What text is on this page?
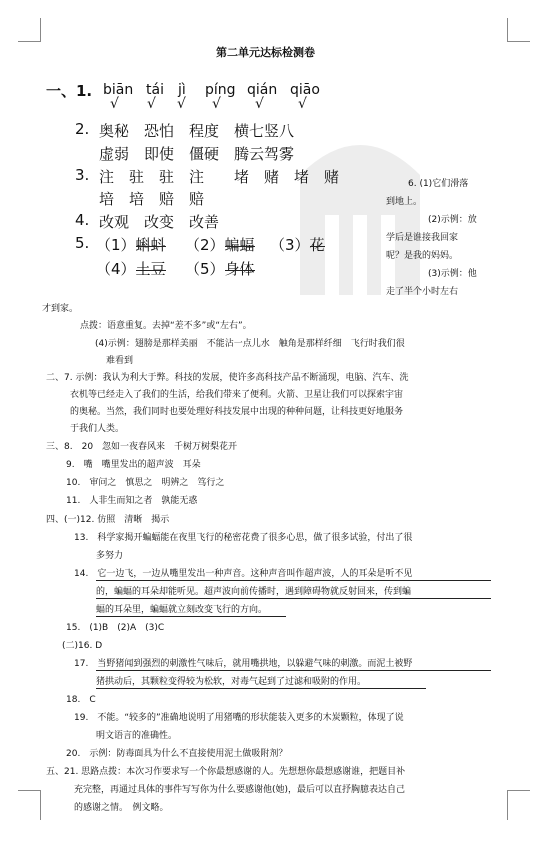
第二单元达标检测卷
一、1. biān tái jì píng qián qiāo
√ √ √ √ √ √
2. 奥秘　恐怕　程度　横七竖八
虚弱　即使　僵硬　腾云驾雾
3. 注　驻　驻　注　　堵　赌　堵　赌
培　培　赔　赔
4. 改观　改变　改善
5. （1）蝌蚪 （2）蝙蝠 （3）花
（4）土豆 （5）身体
6. (1)它们滑落
到地上。
(2)示例：放
学后是谁接我回家
呢？是我的妈妈。
(3)示例：他
走了半个小时左右
才到家。
点拨：语意重复。去掉“差不多”或“左右”。
(4)示例：翅膀是那样美丽　不能沾一点儿水　触角是那样纤细　飞行时我们很
难看到
二、7. 示例：我认为利大于弊。科技的发展，使许多高科技产品不断涌现，电脑、汽车、洗
衣机等已经走入了我们的生活，给我们带来了便利。火箭、卫星让我们可以探索宇宙
的奥秘。当然，我们同时也要处理好科技发展中出现的种种问题，让科技更好地服务
于我们人类。
三、8.　20　忽如一夜春风来　千树万树梨花开
9.　嘴　嘴里发出的超声波　耳朵
10.　审问之　慎思之　明辨之　笃行之
11.　人非生而知之者　孰能无惑
四、(一)12. 仿照　清晰　揭示
13.　科学家揭开蝙蝠能在夜里飞行的秘密花费了很多心思，做了很多试验，付出了很
多努力
14.　它一边飞，一边从嘴里发出一种声音。这种声音叫作超声波，人的耳朵是听不见
的，蝙蝠的耳朵却能听见。超声波向前传播时，遇到障碍物就反射回来，传到蝙
蝠的耳朵里，蝙蝠就立刻改变飞行的方向。
15.　(1)B　(2)A　(3)C
(二)16. D
17.　当野猪闻到强烈的刺激性气味后，就用嘴拱地，以躲避气味的刺激。而泥土被野
猪拱动后，其颗粒变得较为松软，对毒气起到了过滤和吸附的作用。
18.　C
19.　不能。“较多的”准确地说明了用猪嘴的形状能装入更多的木炭颗粒，体现了说
明文语言的准确性。
20.　示例：防毒面具为什么不直接使用泥土做吸附剂？
五、21. 思路点拨：本次习作要求写一个你最想感谢的人。先想想你最想感谢谁，把题目补
充完整，再通过具体的事件写写你为什么要感谢他(她)，最后可以直抒胸臆表达自己
的感谢之情。　例文略。
